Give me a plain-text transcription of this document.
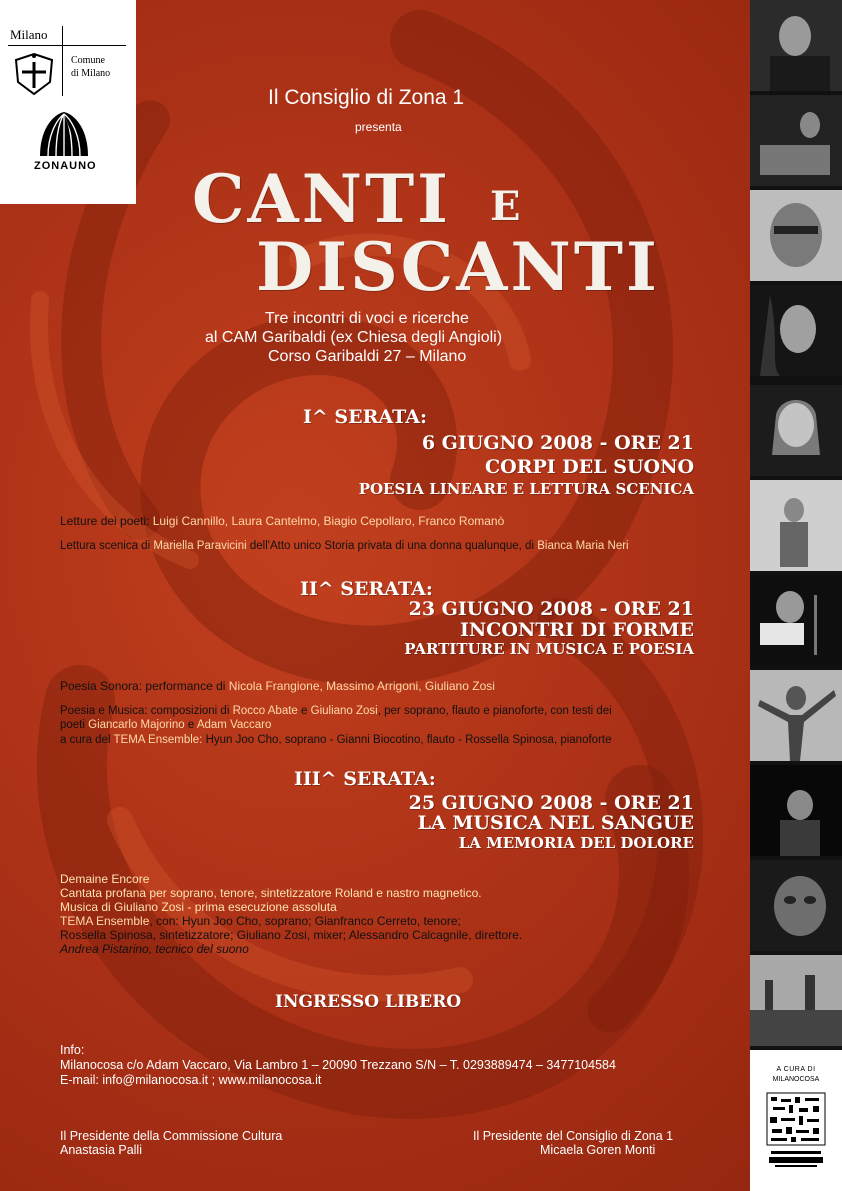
Milano
Comune
di Milano
ZONAUNO
Il Consiglio di Zona 1
presenta
CANTI E
DISCANTI
Tre incontri di voci e ricerche
al CAM Garibaldi (ex Chiesa degli Angioli)
Corso Garibaldi 27 – Milano
I^ SERATA:
6 GIUGNO 2008 - ORE 21
CORPI DEL SUONO
POESIA LINEARE E LETTURA SCENICA
Letture dei poeti: Luigi Cannillo, Laura Cantelmo, Biagio Cepollaro, Franco Romanò
Lettura scenica di Mariella Paravicini dell'Atto unico Storia privata di una donna qualunque, di Bianca Maria Neri
II^ SERATA:
23 GIUGNO 2008 - ORE 21
INCONTRI DI FORME
PARTITURE IN MUSICA E POESIA
Poesia Sonora: performance di Nicola Frangione, Massimo Arrigoni, Giuliano Zosi
Poesia e Musica: composizioni di Rocco Abate e Giuliano Zosi, per soprano, flauto e pianoforte, con testi dei
poeti Giancarlo Majorino e Adam Vaccaro
a cura del TEMA Ensemble: Hyun Joo Cho, soprano - Gianni Biocotino, flauto - Rossella Spinosa, pianoforte
III^ SERATA:
25 GIUGNO 2008 - ORE 21
LA MUSICA NEL SANGUE
LA MEMORIA DEL DOLORE
Demaine Encore
Cantata profana per soprano, tenore, sintetizzatore Roland e nastro magnetico.
Musica di Giuliano Zosi - prima esecuzione assoluta
TEMA Ensemble, con: Hyun Joo Cho, soprano; Gianfranco Cerreto, tenore;
Rossella Spinosa, sintetizzatore; Giuliano Zosi, mixer; Alessandro Calcagnile, direttore.
Andrea Pistarino, tecnico del suono
INGRESSO LIBERO
Info:
Milanocosa c/o Adam Vaccaro, Via Lambro 1 – 20090 Trezzano S/N – T. 0293889474 – 3477104584
E-mail: info@milanocosa.it ; www.milanocosa.it
Il Presidente della Commissione Cultura
Anastasia Palli
Il Presidente del Consiglio di Zona 1
Micaela Goren Monti
A CURA DI
MILANOCOSA
